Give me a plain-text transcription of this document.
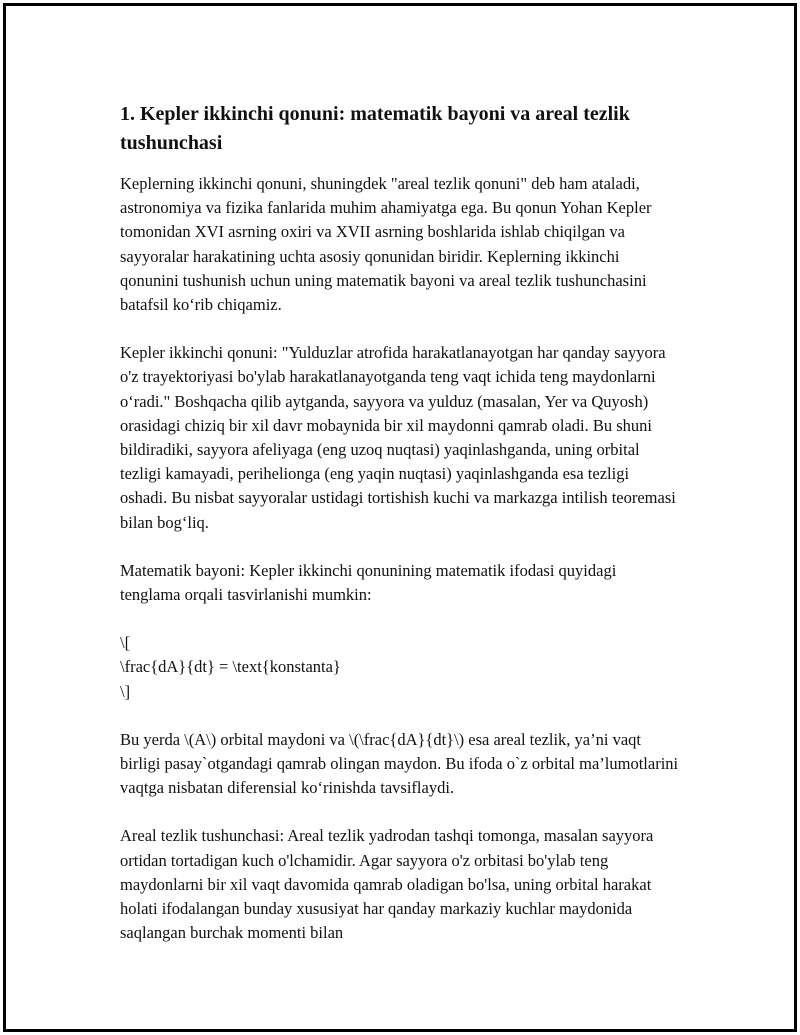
1. Kepler ikkinchi qonuni: matematik bayoni va areal tezlik tushunchasi

Keplerning ikkinchi qonuni, shuningdek "areal tezlik qonuni" deb ham ataladi, astronomiya va fizika fanlarida muhim ahamiyatga ega. Bu qonun Yohan Kepler tomonidan XVI asrning oxiri va XVII asrning boshlarida ishlab chiqilgan va sayyoralar harakatining uchta asosiy qonunidan biridir. Keplerning ikkinchi qonunini tushunish uchun uning matematik bayoni va areal tezlik tushunchasini batafsil ko‘rib chiqamiz.

Kepler ikkinchi qonuni: "Yulduzlar atrofida harakatlanayotgan har qanday sayyora o'z trayektoriyasi bo'ylab harakatlanayotganda teng vaqt ichida teng maydonlarni o‘radi." Boshqacha qilib aytganda, sayyora va yulduz (masalan, Yer va Quyosh) orasidagi chiziq bir xil davr mobaynida bir xil maydonni qamrab oladi. Bu shuni bildiradiki, sayyora afeliyaga (eng uzoq nuqtasi) yaqinlashganda, uning orbital tezligi kamayadi, perihelionga (eng yaqin nuqtasi) yaqinlashganda esa tezligi oshadi. Bu nisbat sayyoralar ustidagi tortishish kuchi va markazga intilish teoremasi bilan bog‘liq.

Matematik bayoni: Kepler ikkinchi qonunining matematik ifodasi quyidagi tenglama orqali tasvirlanishi mumkin:

\[
\frac{dA}{dt} = \text{konstanta}
\]

Bu yerda \(A\) orbital maydoni va \(\frac{dA}{dt}\) esa areal tezlik, ya’ni vaqt birligi pasay`otgandagi qamrab olingan maydon. Bu ifoda o`z orbital ma’lumotlarini vaqtga nisbatan diferensial ko‘rinishda tavsiflaydi.

Areal tezlik tushunchasi: Areal tezlik yadrodan tashqi tomonga, masalan sayyora ortidan tortadigan kuch o'lchamidir. Agar sayyora o'z orbitasi bo'ylab teng maydonlarni bir xil vaqt davomida qamrab oladigan bo'lsa, uning orbital harakat holati ifodalangan bunday xususiyat har qanday markaziy kuchlar maydonida saqlangan burchak momenti bilan
